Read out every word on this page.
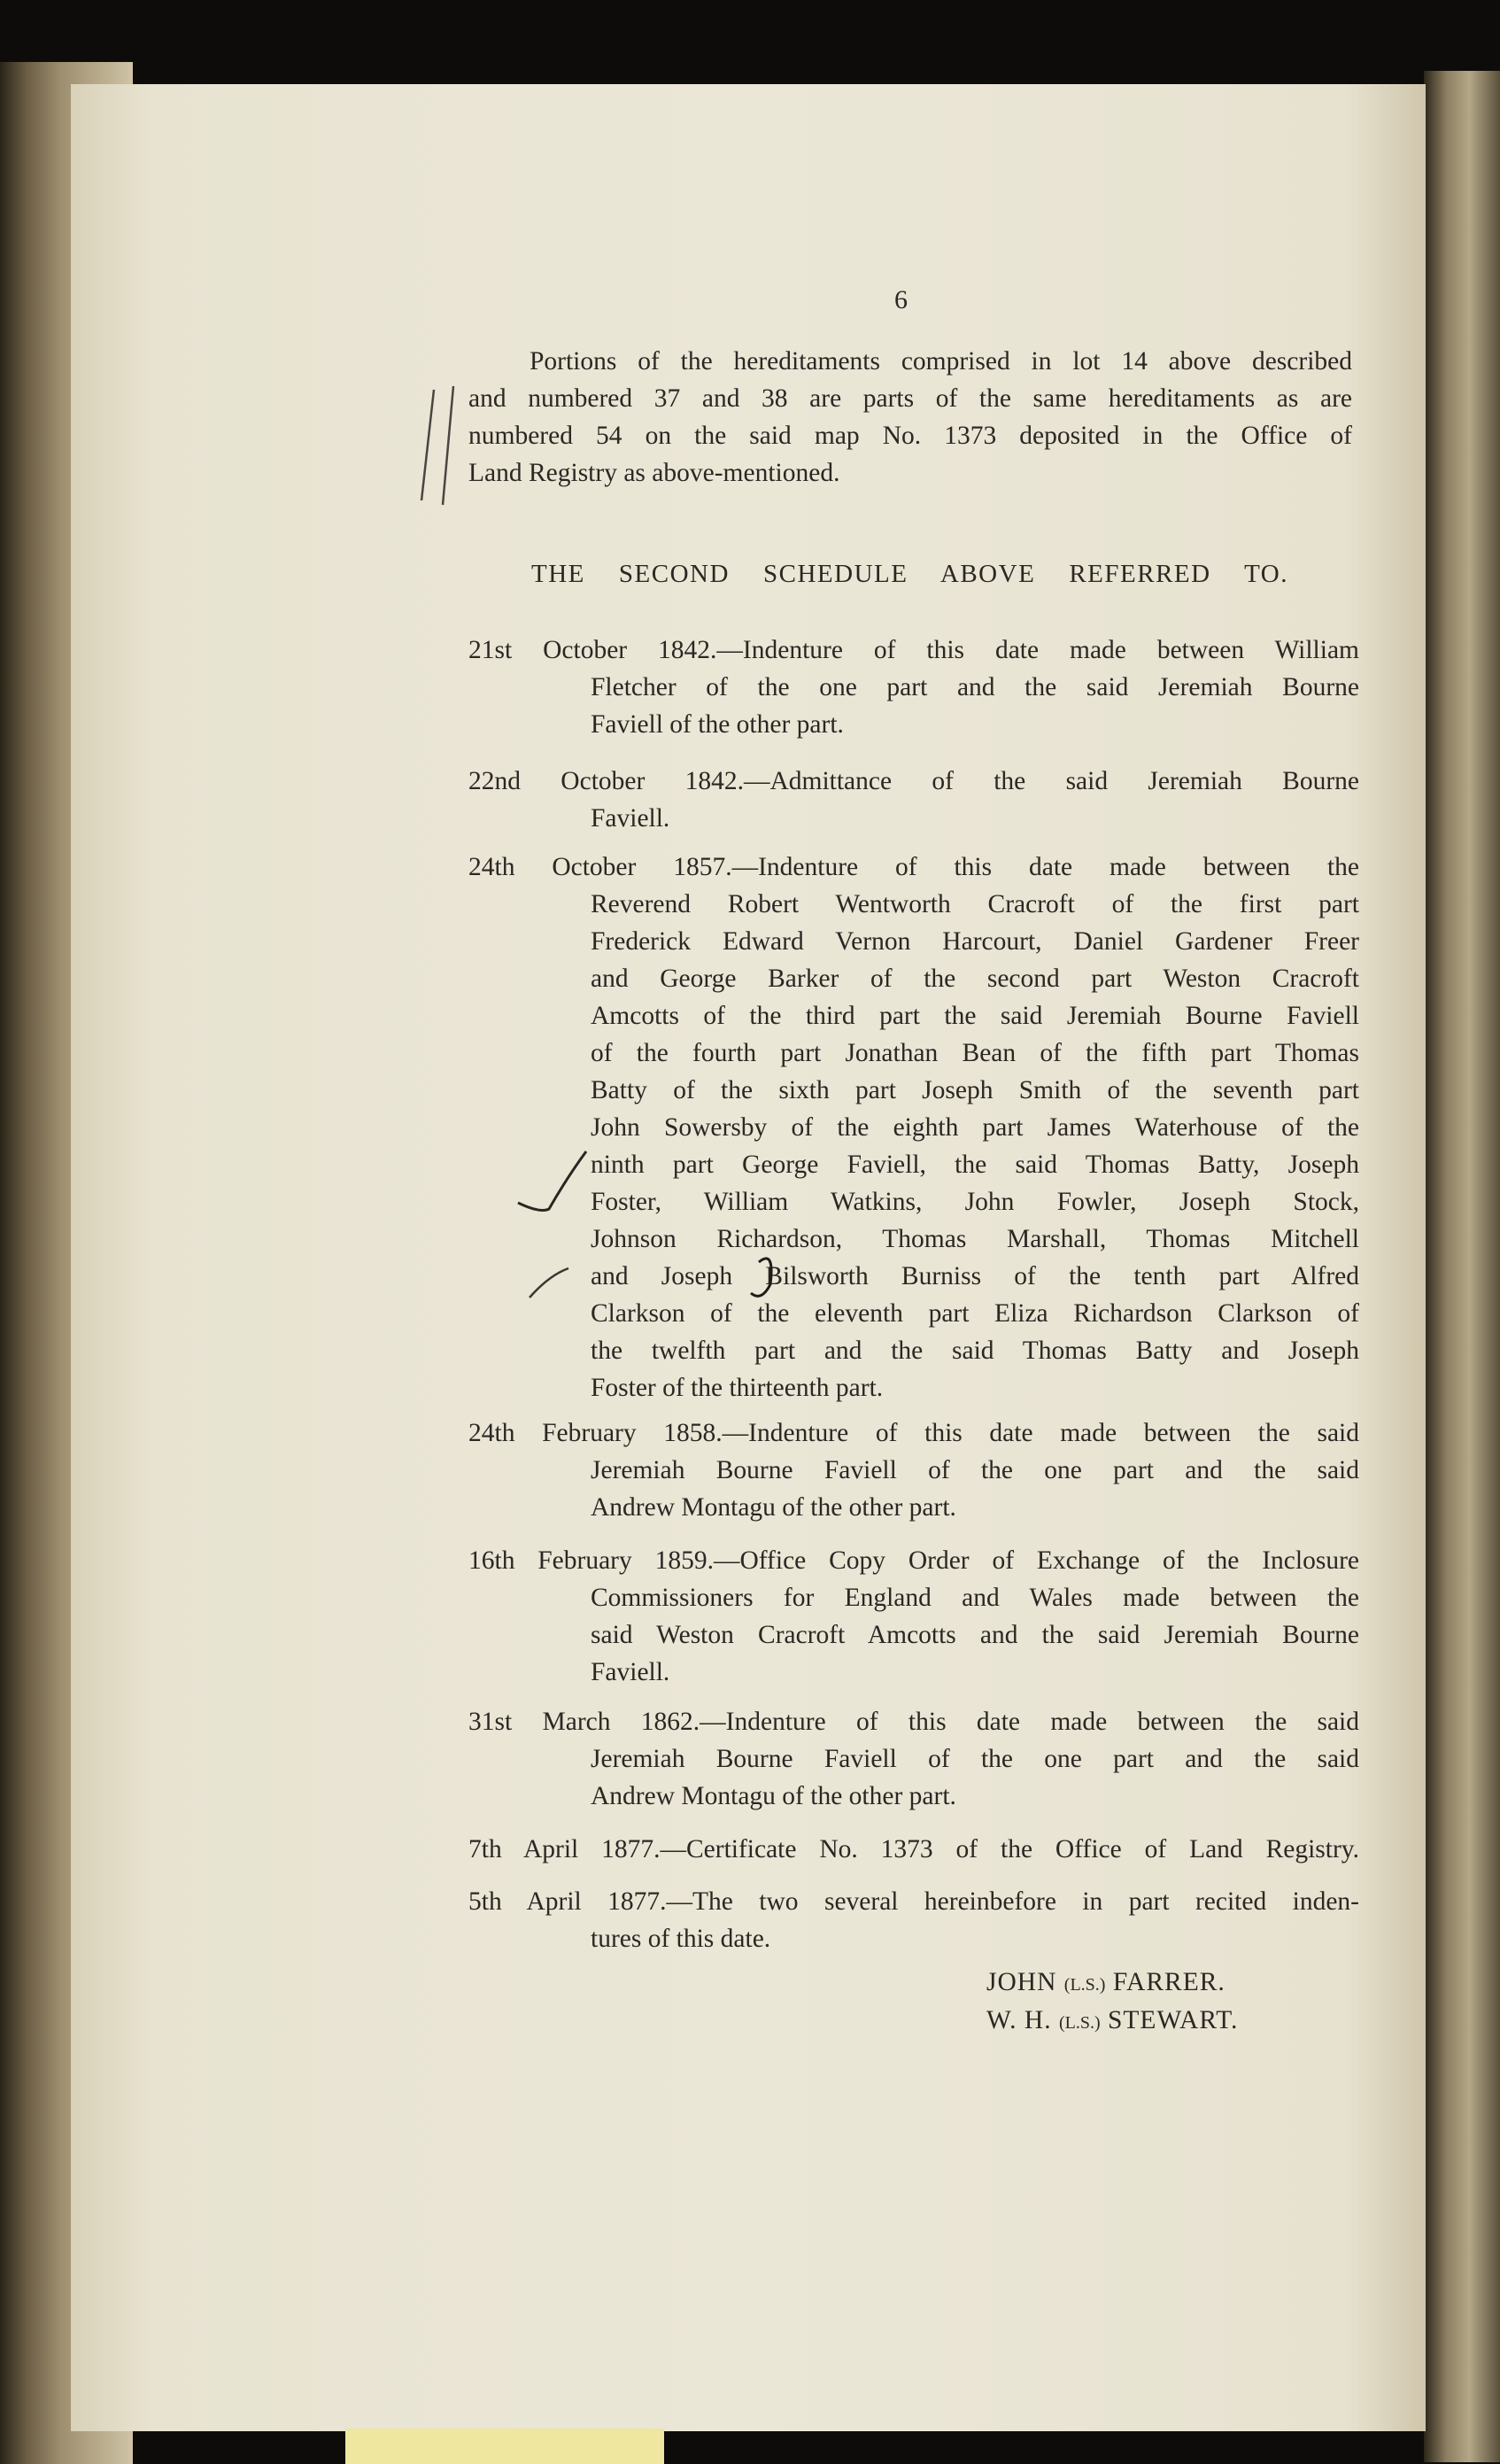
6
Portions of the hereditaments comprised in lot 14 above described
and numbered 37 and 38 are parts of the same hereditaments as are
numbered 54 on the said map No. 1373 deposited in the Office of
Land Registry as above-mentioned.
THE SECOND SCHEDULE ABOVE REFERRED TO.
21st October 1842.—Indenture of this date made between William
Fletcher of the one part and the said Jeremiah Bourne
Faviell of the other part.
22nd October 1842.—Admittance of the said Jeremiah Bourne
Faviell.
24th October 1857.—Indenture of this date made between the
Reverend Robert Wentworth Cracroft of the first part
Frederick Edward Vernon Harcourt, Daniel Gardener Freer
and George Barker of the second part Weston Cracroft
Amcotts of the third part the said Jeremiah Bourne Faviell
of the fourth part Jonathan Bean of the fifth part Thomas
Batty of the sixth part Joseph Smith of the seventh part
John Sowersby of the eighth part James Waterhouse of the
ninth part George Faviell, the said Thomas Batty, Joseph
Foster, William Watkins, John Fowler, Joseph Stock,
Johnson Richardson, Thomas Marshall, Thomas Mitchell
and Joseph Bilsworth Burniss of the tenth part Alfred
Clarkson of the eleventh part Eliza Richardson Clarkson of
the twelfth part and the said Thomas Batty and Joseph
Foster of the thirteenth part.
24th February 1858.—Indenture of this date made between the said
Jeremiah Bourne Faviell of the one part and the said
Andrew Montagu of the other part.
16th February 1859.—Office Copy Order of Exchange of the Inclosure
Commissioners for England and Wales made between the
said Weston Cracroft Amcotts and the said Jeremiah Bourne
Faviell.
31st March 1862.—Indenture of this date made between the said
Jeremiah Bourne Faviell of the one part and the said
Andrew Montagu of the other part.
7th April 1877.—Certificate No. 1373 of the Office of Land Registry.
5th April 1877.—The two several hereinbefore in part recited inden-
tures of this date.
JOHN (L.S.) FARRER.
W. H. (L.S.) STEWART.
